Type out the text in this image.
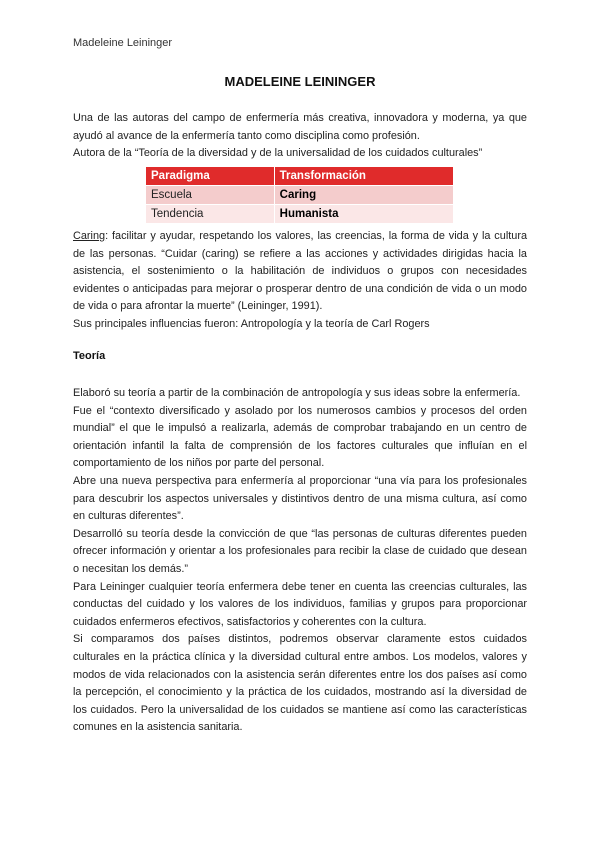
Madeleine Leininger
MADELEINE LEININGER

Una de las autoras del campo de enfermería más creativa, innovadora y moderna, ya que ayudó al avance de la enfermería tanto como disciplina como profesión.

Autora de la “Teoría de la diversidad y de la universalidad de los cuidados culturales”

Paradigma	Transformación
Escuela	Caring
Tendencia	Humanista

Caring: facilitar y ayudar, respetando los valores, las creencias, la forma de vida y la cultura de las personas. “Cuidar (caring) se refiere a las acciones y actividades dirigidas hacia la asistencia, el sostenimiento o la habilitación de individuos o grupos con necesidades evidentes o anticipadas para mejorar o prosperar dentro de una condición de vida o un modo de vida o para afrontar la muerte” (Leininger, 1991).

Sus principales influencias fueron: Antropología y la teoría de Carl Rogers

Teoría

Elaboró su teoría a partir de la combinación de antropología y sus ideas sobre la enfermería.

Fue el “contexto diversificado y asolado por los numerosos cambios y procesos del orden mundial” el que le impulsó a realizarla, además de comprobar trabajando en un centro de orientación infantil la falta de comprensión de los factores culturales que influían en el comportamiento de los niños por parte del personal.

Abre una nueva perspectiva para enfermería al proporcionar “una vía para los profesionales para descubrir los aspectos universales y distintivos dentro de una misma cultura, así como en culturas diferentes”.

Desarrolló su teoría desde la convicción de que “las personas de culturas diferentes pueden ofrecer información y orientar a los profesionales para recibir la clase de cuidado que desean o necesitan los demás.”

Para Leininger cualquier teoría enfermera debe tener en cuenta las creencias culturales, las conductas del cuidado y los valores de los individuos, familias y grupos para proporcionar cuidados enfermeros efectivos, satisfactorios y coherentes con la cultura.

Si comparamos dos países distintos, podremos observar claramente estos cuidados culturales en la práctica clínica y la diversidad cultural entre ambos. Los modelos, valores y modos de vida relacionados con la asistencia serán diferentes entre los dos países así como la percepción, el conocimiento y la práctica de los cuidados, mostrando así la diversidad de los cuidados. Pero la universalidad de los cuidados se mantiene así como las características comunes en la asistencia sanitaria.
